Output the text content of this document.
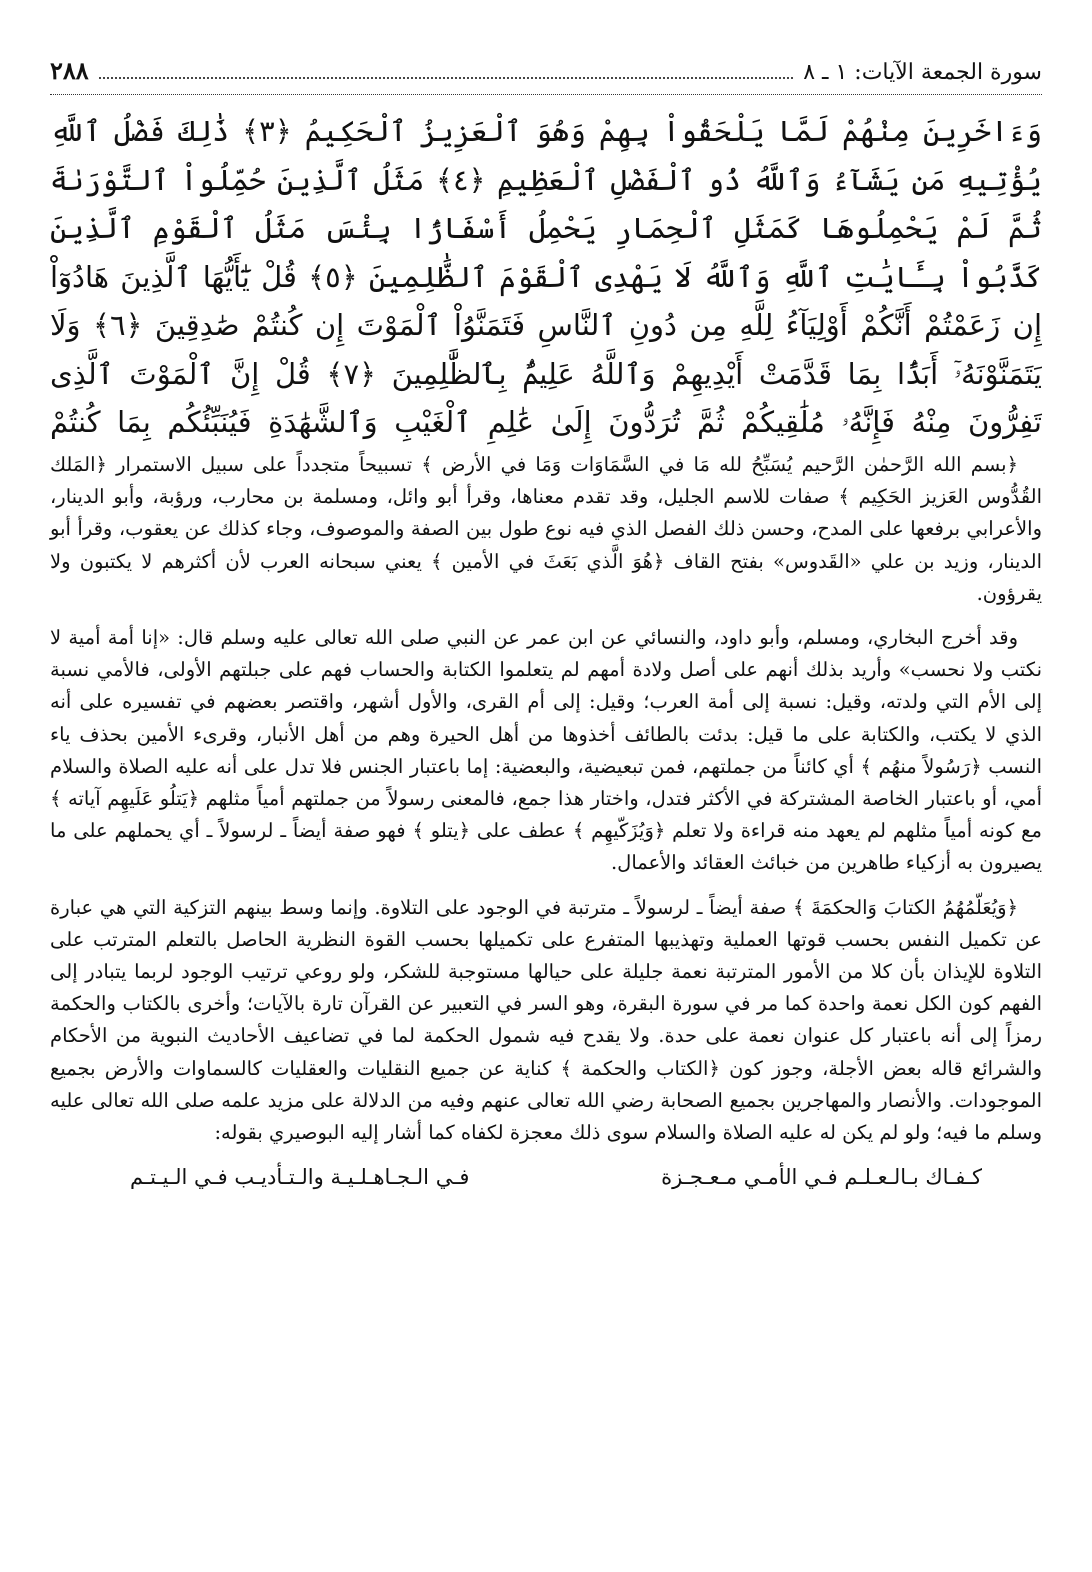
سورة الجمعة الآيات: ١ ـ ٨
٢٨٨

وَءَاخَرِينَ مِنْهُمْ لَمَّا يَلْحَقُواْ بِهِمْ وَهُوَ ٱلْعَزِيزُ ٱلْحَكِيمُ ﴿٣﴾ ذَٰلِكَ فَضْلُ ٱللَّهِ يُؤْتِيهِ مَن يَشَآءُ وَٱللَّهُ ذُو ٱلْفَضْلِ ٱلْعَظِيمِ ﴿٤﴾ مَثَلُ ٱلَّذِينَ حُمِّلُواْ ٱلتَّوْرَىٰةَ ثُمَّ لَمْ يَحْمِلُوهَا كَمَثَلِ ٱلْحِمَارِ يَحْمِلُ أَسْفَارًۢا بِئْسَ مَثَلُ ٱلْقَوْمِ ٱلَّذِينَ كَذَّبُواْ بِـَٔايَٰتِ ٱللَّهِ وَٱللَّهُ لَا يَهْدِى ٱلْقَوْمَ ٱلظَّٰلِمِينَ ﴿٥﴾ قُلْ يَٰٓأَيُّهَا ٱلَّذِينَ هَادُوٓاْ إِن زَعَمْتُمْ أَنَّكُمْ أَوْلِيَآءُ لِلَّهِ مِن دُونِ ٱلنَّاسِ فَتَمَنَّوُاْ ٱلْمَوْتَ إِن كُنتُمْ صَٰدِقِينَ ﴿٦﴾ وَلَا يَتَمَنَّوْنَهُۥٓ أَبَدًۢا بِمَا قَدَّمَتْ أَيْدِيهِمْ وَٱللَّهُ عَلِيمٌۢ بِٱلظَّٰلِمِينَ ﴿٧﴾ قُلْ إِنَّ ٱلْمَوْتَ ٱلَّذِى تَفِرُّونَ مِنْهُ فَإِنَّهُۥ مُلَٰقِيكُمْ ثُمَّ تُرَدُّونَ إِلَىٰ عَٰلِمِ ٱلْغَيْبِ وَٱلشَّهَٰدَةِ فَيُنَبِّئُكُم بِمَا كُنتُمْ

﴿بسم الله الرَّحمٰن الرَّحيم يُسَبِّحُ لله مَا في السَّمَاوَات وَمَا في الأرض ﴾ تسبيحاً متجدداً على سبيل الاستمرار ﴿المَلك القُدُّوس العَزيز الحَكِيم ﴾ صفات للاسم الجليل، وقد تقدم معناها، وقرأ أبو وائل، ومسلمة بن محارب، ورؤبة، وأبو الدينار، والأعرابي برفعها على المدح، وحسن ذلك الفصل الذي فيه نوع طول بين الصفة والموصوف، وجاء كذلك عن يعقوب، وقرأ أبو الدينار، وزيد بن علي «القَدوس» بفتح القاف ﴿هُوَ الَّذي بَعَثَ في الأمين ﴾ يعني سبحانه العرب لأن أكثرهم لا يكتبون ولا يقرؤون.

وقد أخرج البخاري، ومسلم، وأبو داود، والنسائي عن ابن عمر عن النبي صلى الله تعالى عليه وسلم قال: «إنا أمة أمية لا نكتب ولا نحسب» وأريد بذلك أنهم على أصل ولادة أمهم لم يتعلموا الكتابة والحساب فهم على جبلتهم الأولى، فالأمي نسبة إلى الأم التي ولدته، وقيل: نسبة إلى أمة العرب؛ وقيل: إلى أم القرى، والأول أشهر، واقتصر بعضهم في تفسيره على أنه الذي لا يكتب، والكتابة على ما قيل: بدئت بالطائف أخذوها من أهل الحيرة وهم من أهل الأنبار، وقرىء الأمين بحذف ياء النسب ﴿رَسُولاً منهُم ﴾ أي كائناً من جملتهم، فمن تبعيضية، والبعضية: إما باعتبار الجنس فلا تدل على أنه عليه الصلاة والسلام أمي، أو باعتبار الخاصة المشتركة في الأكثر فتدل، واختار هذا جمع، فالمعنى رسولاً من جملتهم أمياً مثلهم ﴿يَتلُو عَلَيهِم آياته ﴾ مع كونه أمياً مثلهم لم يعهد منه قراءة ولا تعلم ﴿وَيُزَكّيهِم ﴾ عطف على ﴿يتلو ﴾ فهو صفة أيضاً ـ لرسولاً ـ أي يحملهم على ما يصيرون به أزكياء طاهرين من خبائث العقائد والأعمال.

﴿وَيُعَلّمُهُمُ الكتابَ وَالحكمَةَ ﴾ صفة أيضاً ـ لرسولاً ـ مترتبة في الوجود على التلاوة. وإنما وسط بينهم التزكية التي هي عبارة عن تكميل النفس بحسب قوتها العملية وتهذيبها المتفرع على تكميلها بحسب القوة النظرية الحاصل بالتعلم المترتب على التلاوة للإيذان بأن كلا من الأمور المترتبة نعمة جليلة على حيالها مستوجبة للشكر، ولو روعي ترتيب الوجود لربما يتبادر إلى الفهم كون الكل نعمة واحدة كما مر في سورة البقرة، وهو السر في التعبير عن القرآن تارة بالآيات؛ وأخرى بالكتاب والحكمة رمزاً إلى أنه باعتبار كل عنوان نعمة على حدة. ولا يقدح فيه شمول الحكمة لما في تضاعيف الأحاديث النبوية من الأحكام والشرائع قاله بعض الأجلة، وجوز كون ﴿الكتاب والحكمة ﴾ كناية عن جميع النقليات والعقليات كالسماوات والأرض بجميع الموجودات. والأنصار والمهاجرين بجميع الصحابة رضي الله تعالى عنهم وفيه من الدلالة على مزيد علمه صلى الله تعالى عليه وسلم ما فيه؛ ولو لم يكن له عليه الصلاة والسلام سوى ذلك معجزة لكفاه كما أشار إليه البوصيري بقوله:

كـفـاك بـالـعـلـم فـي الأمـي مـعـجـزة
فـي الـجـاهـلـيـة والـتـأديـب فـي الـيـتـم
